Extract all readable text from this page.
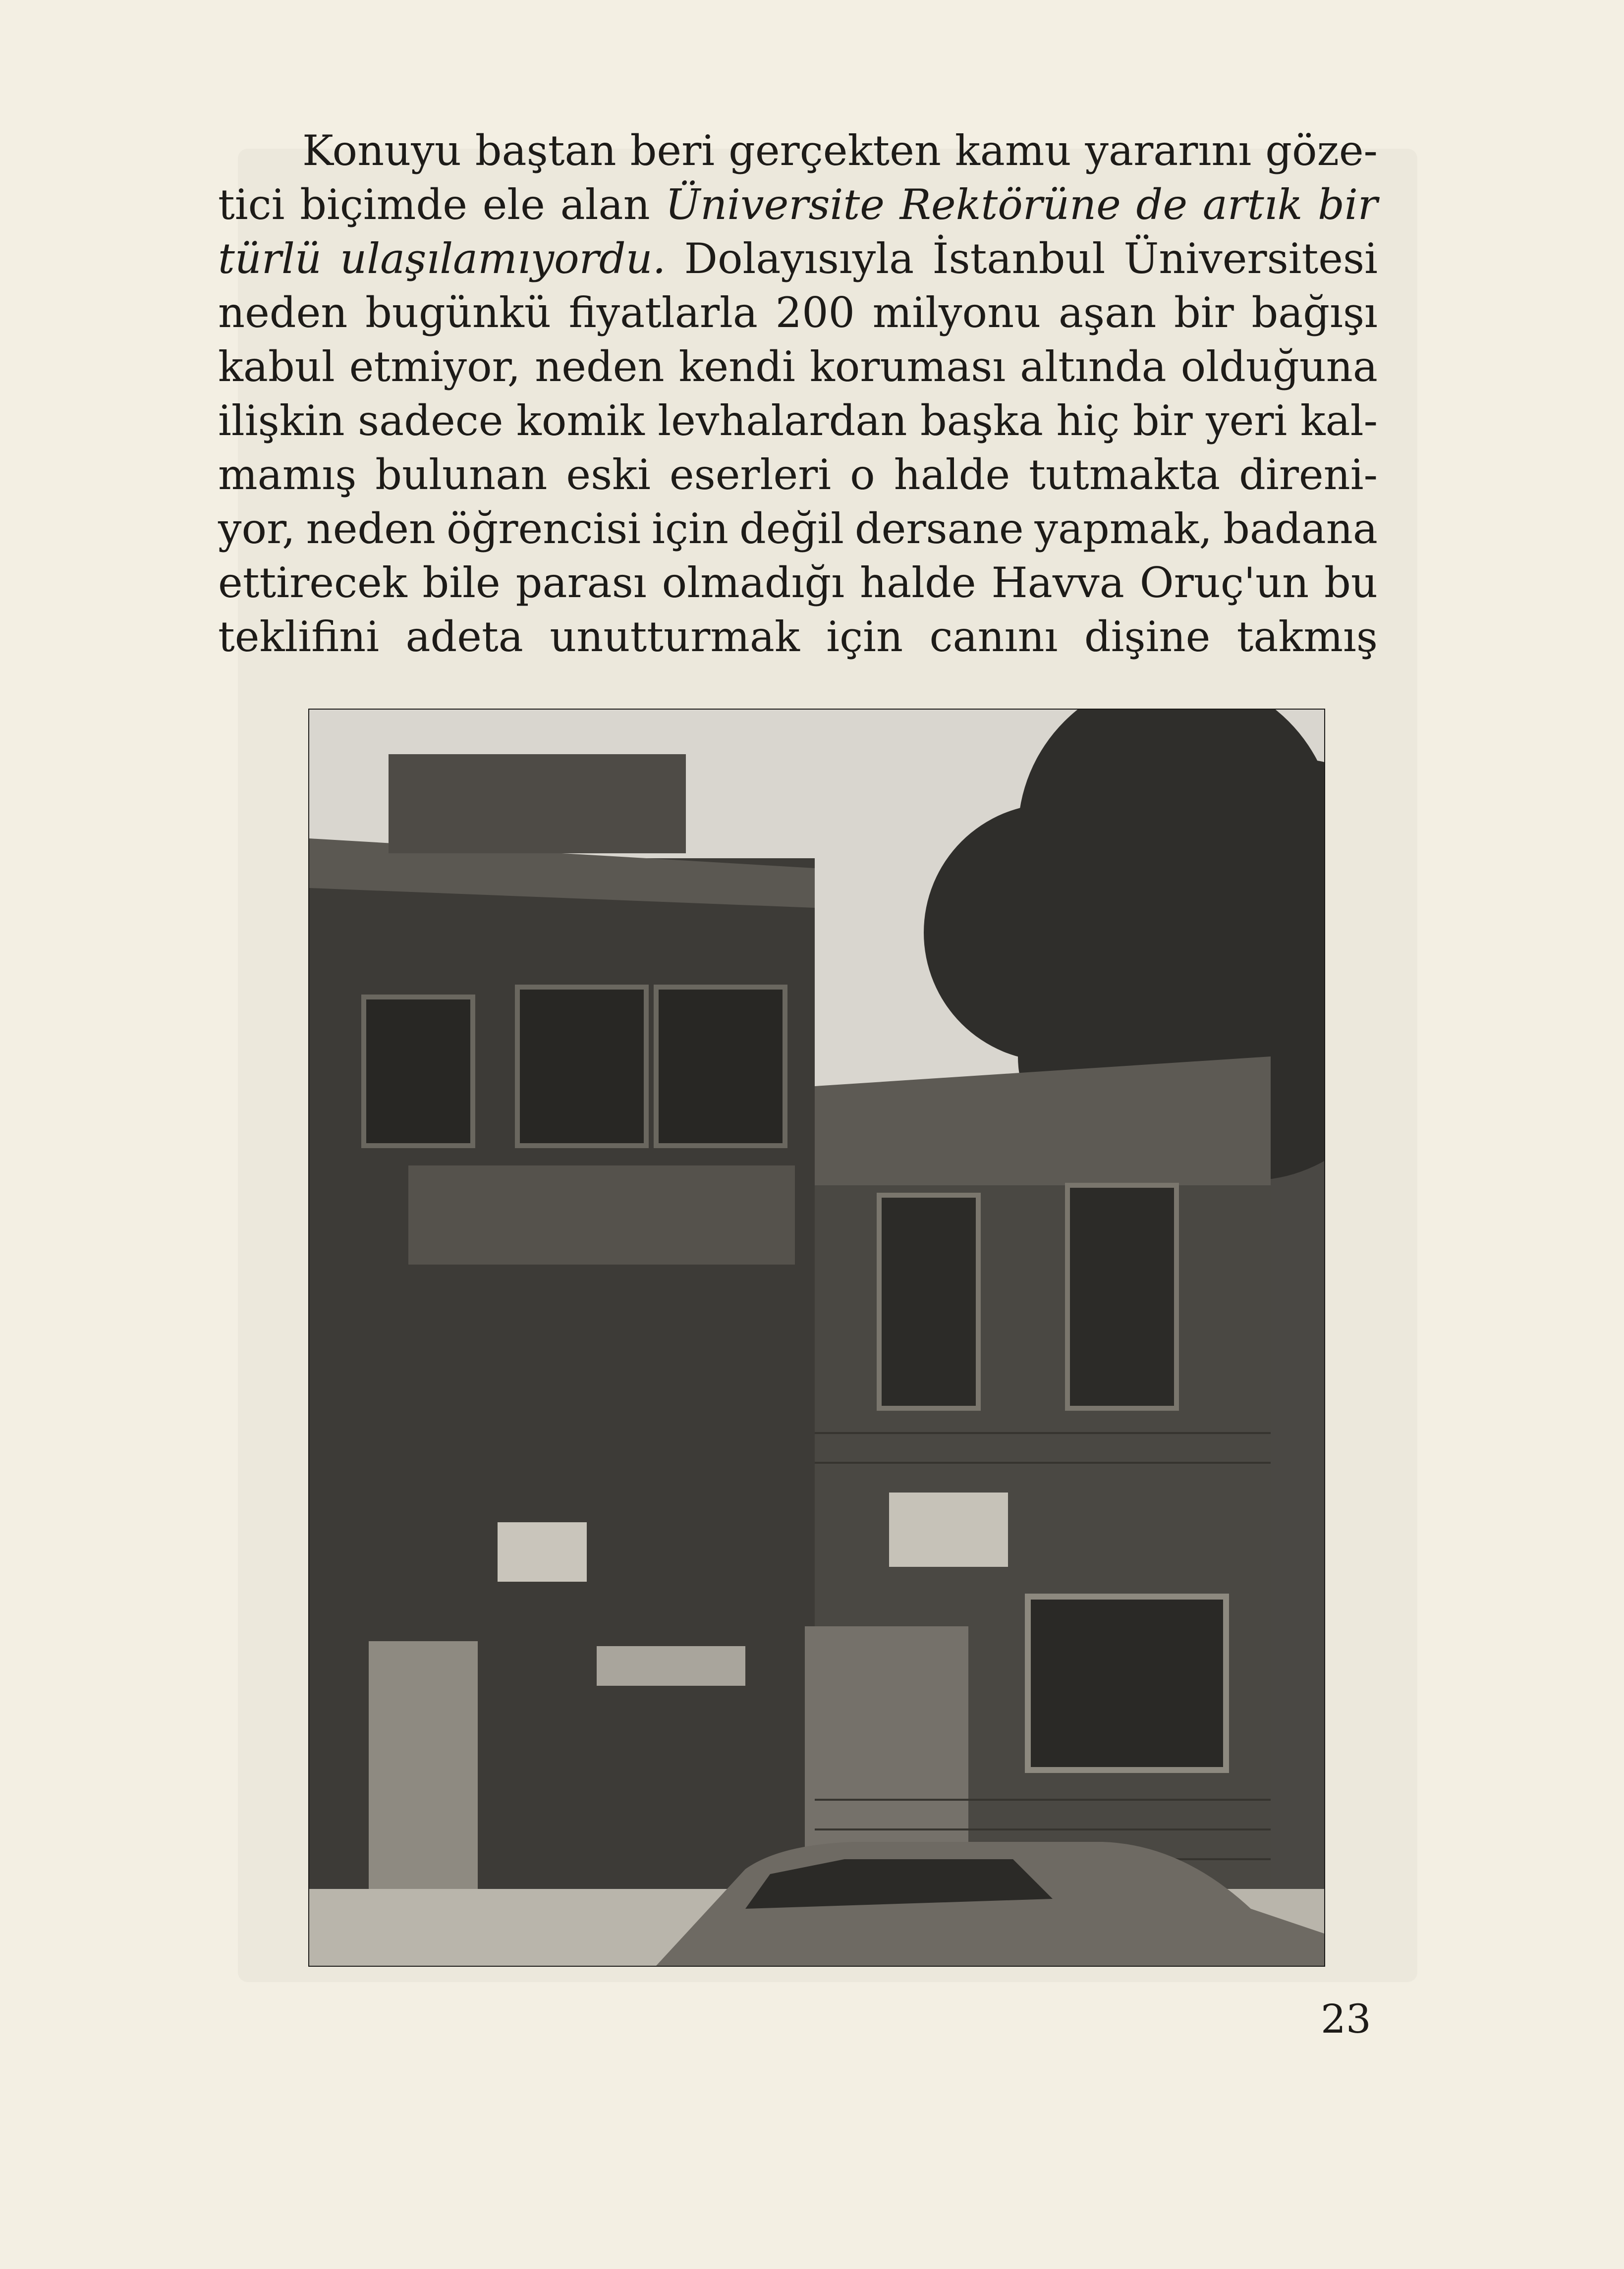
Konuyu baştan beri gerçekten kamu yararını göze-
tici biçimde ele alan Üniversite Rektörüne de artık bir
türlü ulaşılamıyordu. Dolayısıyla İstanbul Üniversitesi
neden bugünkü fiyatlarla 200 milyonu aşan bir bağışı
kabul etmiyor, neden kendi koruması altında olduğuna
ilişkin sadece komik levhalardan başka hiç bir yeri kal-
mamış bulunan eski eserleri o halde tutmakta direni-
yor, neden öğrencisi için değil dersane yapmak, badana
ettirecek bile parası olmadığı halde Havva Oruç'un bu
teklifini adeta unutturmak için canını dişine takmış
23
